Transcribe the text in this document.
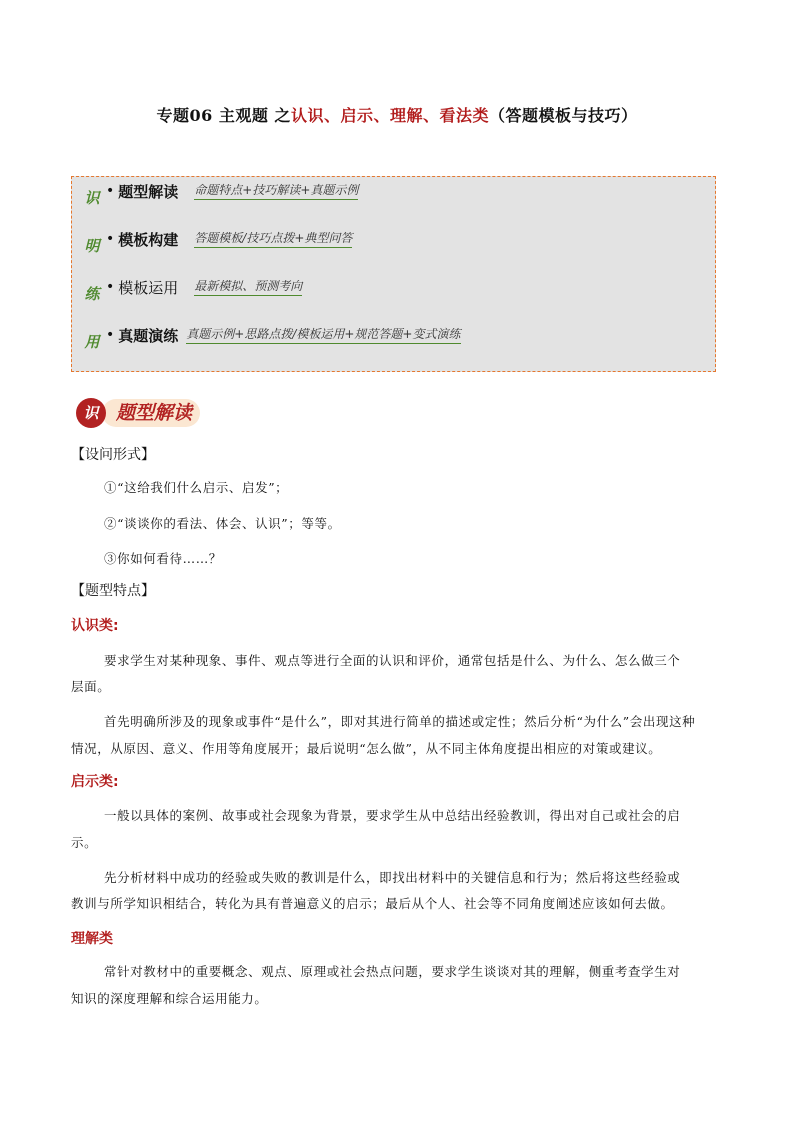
专题06 主观题 之认识、启示、理解、看法类（答题模板与技巧）
识
明
练
用
• 题型解读 命题特点+技巧解读+真题示例
• 模板构建 答题模板/技巧点拨+典型问答
• 模板运用 最新模拟、预测考向
• 真题演练 真题示例+思路点拨/模板运用+规范答题+变式演练
题型解读
识
【设问形式】
①“这给我们什么启示、启发”；
②“谈谈你的看法、体会、认识”；等等。
③你如何看待……？
【题型特点】
认识类:
要求学生对某种现象、事件、观点等进行全面的认识和评价，通常包括是什么、为什么、怎么做三个
层面。
首先明确所涉及的现象或事件“是什么”，即对其进行简单的描述或定性；然后分析“为什么”会出现这种
情况，从原因、意义、作用等角度展开；最后说明“怎么做”，从不同主体角度提出相应的对策或建议。
启示类:
一般以具体的案例、故事或社会现象为背景，要求学生从中总结出经验教训，得出对自己或社会的启
示。
先分析材料中成功的经验或失败的教训是什么，即找出材料中的关键信息和行为；然后将这些经验或
教训与所学知识相结合，转化为具有普遍意义的启示；最后从个人、社会等不同角度阐述应该如何去做。
理解类
常针对教材中的重要概念、观点、原理或社会热点问题，要求学生谈谈对其的理解，侧重考查学生对
知识的深度理解和综合运用能力。
